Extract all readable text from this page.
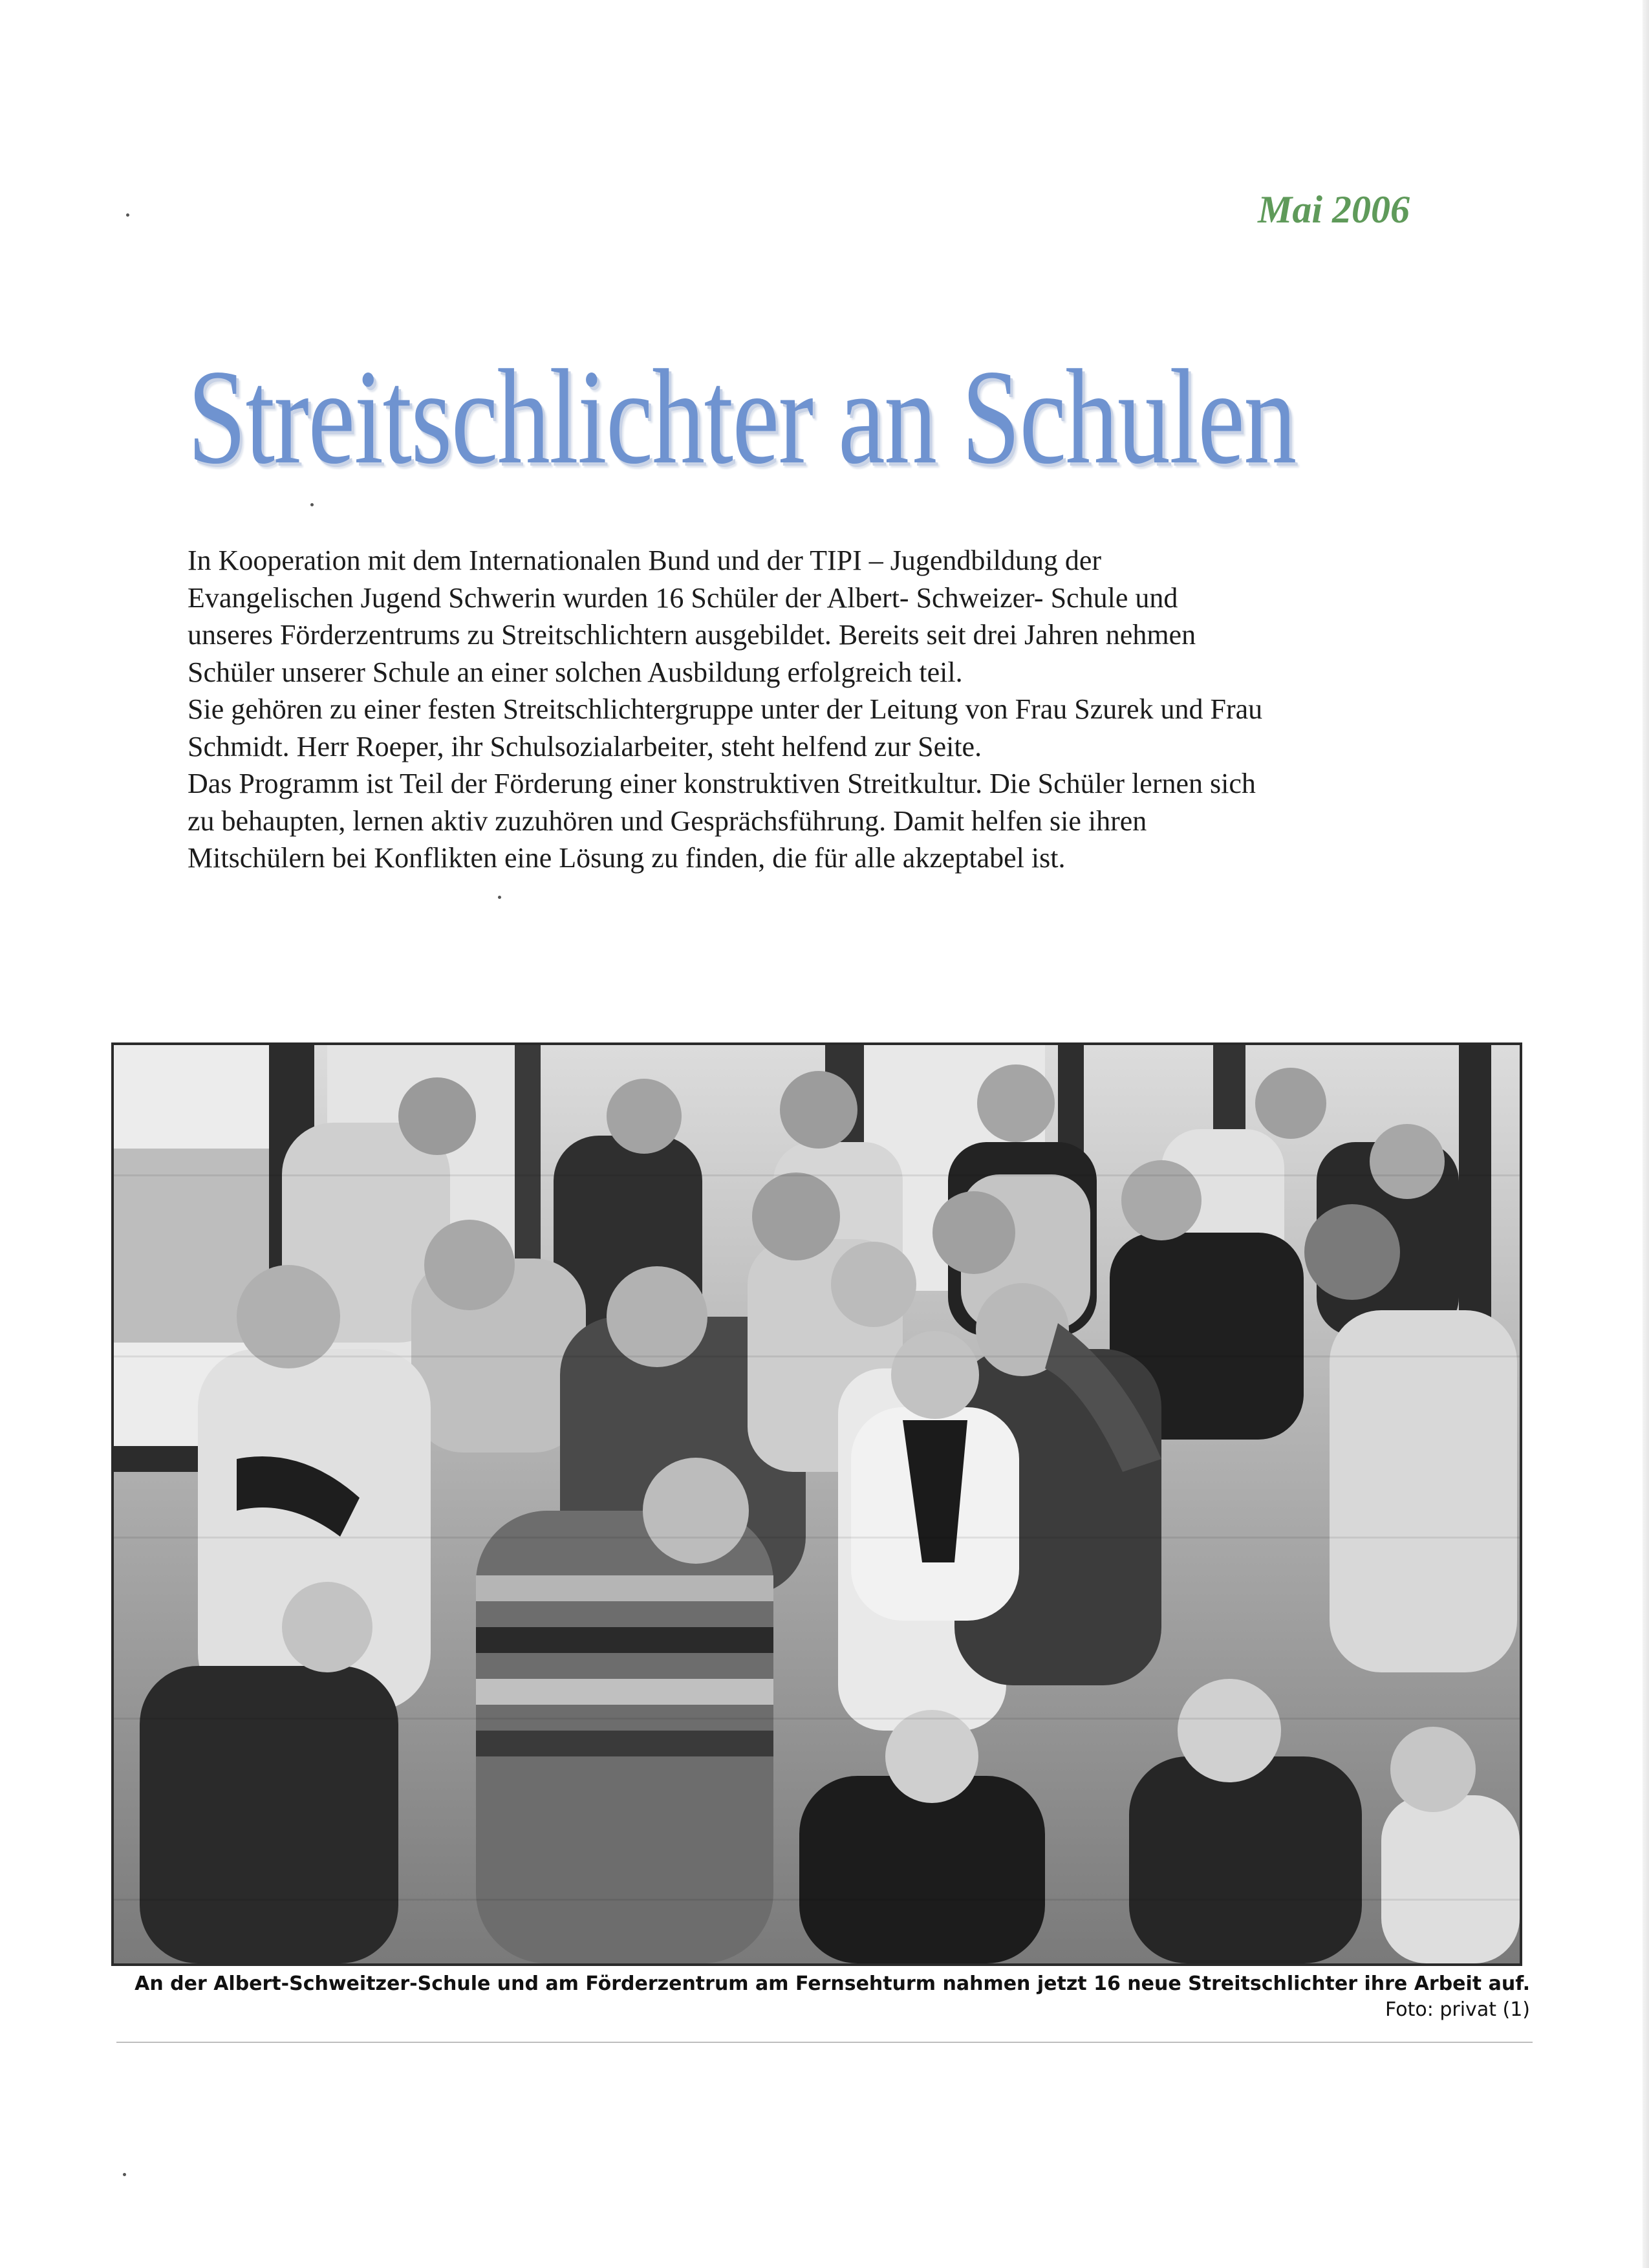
Mai 2006
Streitschlichter an Schulen

In Kooperation mit dem Internationalen Bund und der TIPI – Jugendbildung der
Evangelischen Jugend Schwerin wurden 16 Schüler der Albert- Schweizer- Schule und
unseres Förderzentrums zu Streitschlichtern ausgebildet. Bereits seit drei Jahren nehmen
Schüler unserer Schule an einer solchen Ausbildung erfolgreich teil.
Sie gehören zu einer festen Streitschlichtergruppe unter der Leitung von Frau Szurek und Frau
Schmidt. Herr Roeper, ihr Schulsozialarbeiter, steht helfend zur Seite.
Das Programm ist Teil der Förderung einer konstruktiven Streitkultur. Die Schüler lernen sich
zu behaupten, lernen aktiv zuzuhören und Gesprächsführung. Damit helfen sie ihren
Mitschülern bei Konflikten eine Lösung zu finden, die für alle akzeptabel ist.

An der Albert-Schweitzer-Schule und am Förderzentrum am Fernsehturm nahmen jetzt 16 neue Streitschlichter ihre Arbeit auf.
Foto: privat (1)
